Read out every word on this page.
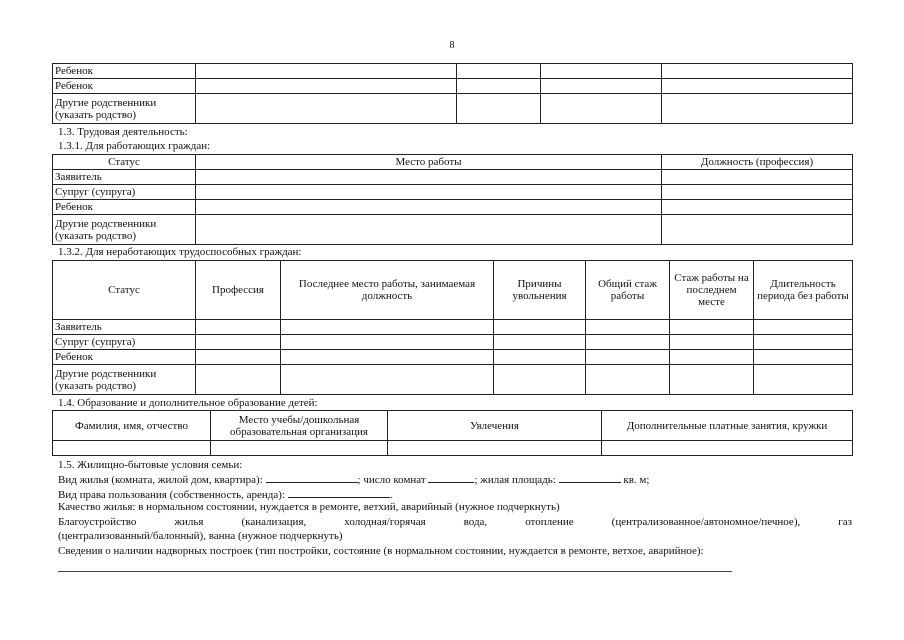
8
Ребенок				
Ребенок				

Другие родственники
(указать родство)				

1.3. Трудовая деятельность:
1.3.1. Для работающих граждан:
Статус	Место работы	Должность (профессия)
Заявитель		
Супруг (супруга)		
Ребенок		

Другие родственники
(указать родство)		

1.3.2. Для неработающих трудоспособных граждан:
Статус	Профессия	Последнее место работы, занимаемая должность	Причины увольнения	Общий стаж работы	Стаж работы на последнем месте	Длительность периода без работы
Заявитель						
Супруг (супруга)						
Ребенок						

Другие родственники
(указать родство)						

1.4. Образование и дополнительное образование детей:
Фамилия, имя, отчество	Место учебы/дошкольная образовательная организация	Увлечения	Дополнительные платные занятия, кружки

1.5. Жилищно-бытовые условия семьи:
Вид жилья (комната, жилой дом, квартира):	; число комнат	; жилая площадь:	кв. м;
Вид права пользования (собственность, аренда):	.
Качество жилья: в нормальном состоянии, нуждается в ремонте, ветхий, аварийный (нужное подчеркнуть)
Благоустройство жилья (канализация, холодная/горячая вода, отопление (централизованное/автономное/печное), газ
(централизованный/балонный), ванна (нужное подчеркнуть)
Сведения о наличии надворных построек (тип постройки, состояние (в нормальном состоянии, нуждается в ремонте, ветхое, аварийное):
